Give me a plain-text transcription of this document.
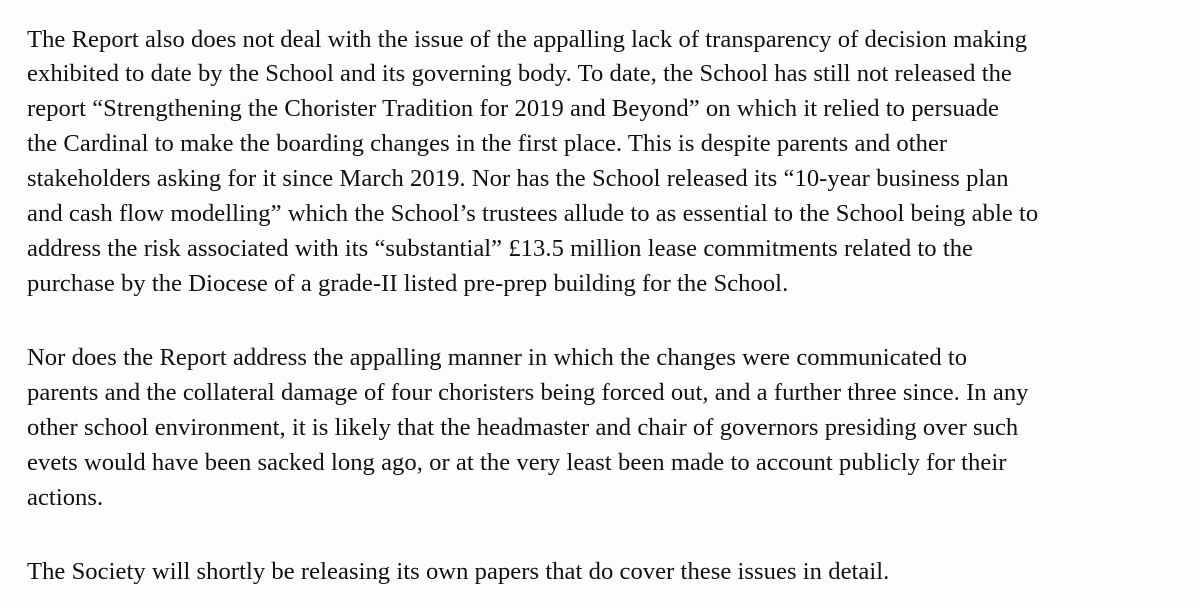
The Report also does not deal with the issue of the appalling lack of transparency of decision making
exhibited to date by the School and its governing body. To date, the School has still not released the
report “Strengthening the Chorister Tradition for 2019 and Beyond” on which it relied to persuade
the Cardinal to make the boarding changes in the first place. This is despite parents and other
stakeholders asking for it since March 2019. Nor has the School released its “10-year business plan
and cash flow modelling” which the School’s trustees allude to as essential to the School being able to
address the risk associated with its “substantial” £13.5 million lease commitments related to the
purchase by the Diocese of a grade-II listed pre-prep building for the School.
Nor does the Report address the appalling manner in which the changes were communicated to
parents and the collateral damage of four choristers being forced out, and a further three since. In any
other school environment, it is likely that the headmaster and chair of governors presiding over such
evets would have been sacked long ago, or at the very least been made to account publicly for their
actions.
The Society will shortly be releasing its own papers that do cover these issues in detail.
